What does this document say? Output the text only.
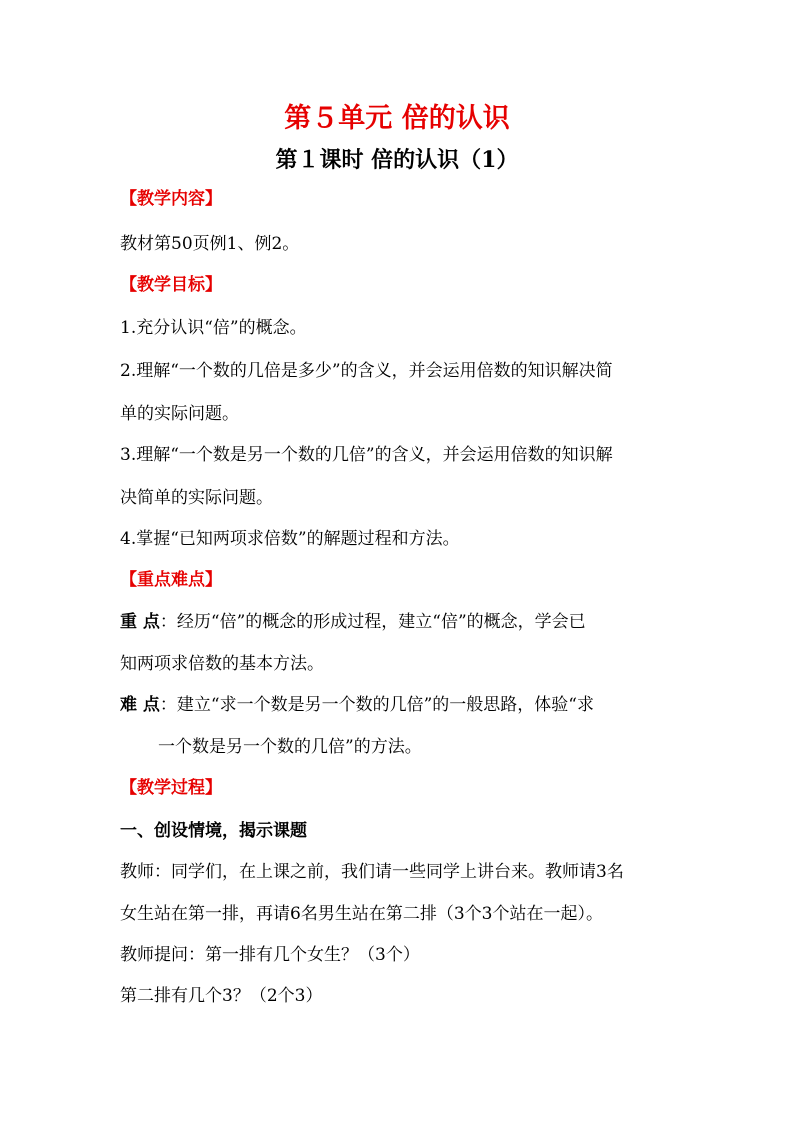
第５单元 倍的认识
第１课时 倍的认识（1）
【教学内容】
教材第50页例1、例2。
【教学目标】
1.充分认识“倍”的概念。
2.理解“一个数的几倍是多少”的含义，并会运用倍数的知识解决简
单的实际问题。
3.理解“一个数是另一个数的几倍”的含义，并会运用倍数的知识解
决简单的实际问题。
4.掌握“已知两项求倍数”的解题过程和方法。
【重点难点】
重 点：经历“倍”的概念的形成过程，建立“倍”的概念，学会已
知两项求倍数的基本方法。
难 点：建立“求一个数是另一个数的几倍”的一般思路，体验“求
一个数是另一个数的几倍”的方法。
【教学过程】
一、创设情境，揭示课题
教师：同学们，在上课之前，我们请一些同学上讲台来。教师请3名
女生站在第一排，再请6名男生站在第二排（3个3个站在一起）。
教师提问：第一排有几个女生？（3个）
第二排有几个3？（2个3）
